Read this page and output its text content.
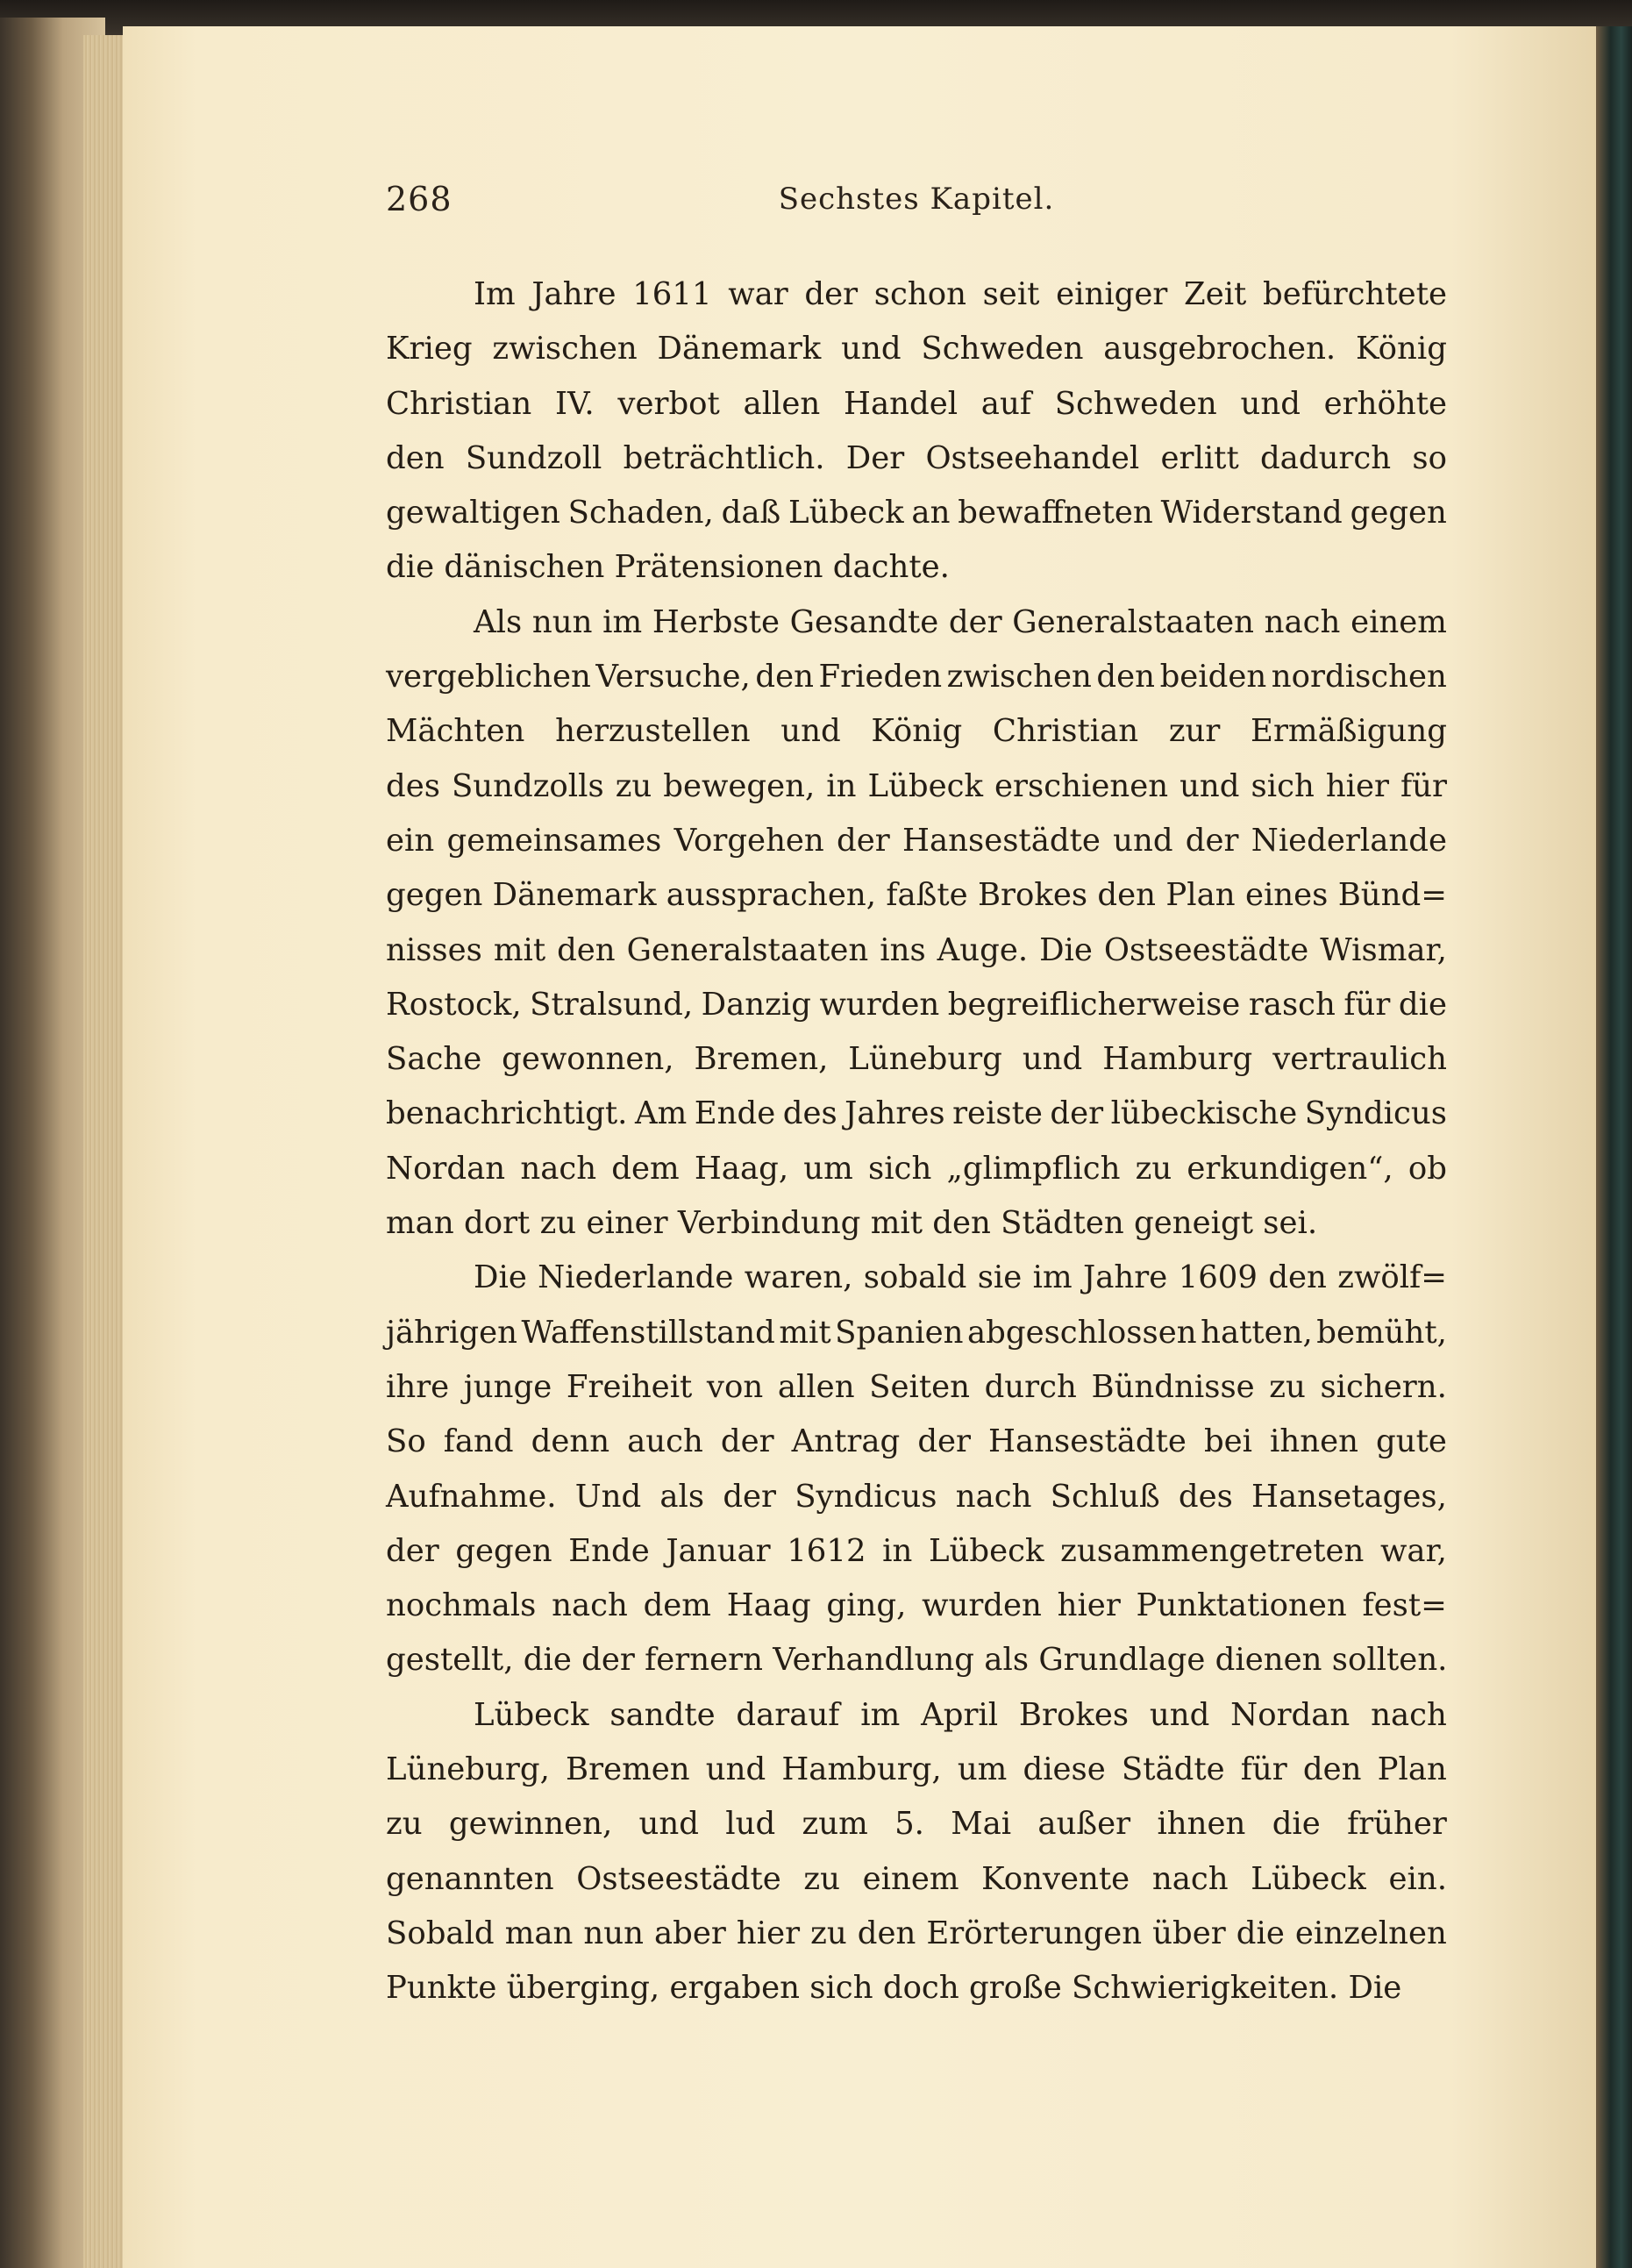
268	Sechstes Kapitel.

Im Jahre 1611 war der schon seit einiger Zeit befürchtete
Krieg zwischen Dänemark und Schweden ausgebrochen. König
Christian IV. verbot allen Handel auf Schweden und erhöhte
den Sundzoll beträchtlich. Der Ostseehandel erlitt dadurch so
gewaltigen Schaden, daß Lübeck an bewaffneten Widerstand gegen
die dänischen Prätensionen dachte.

Als nun im Herbste Gesandte der Generalstaaten nach einem
vergeblichen Versuche, den Frieden zwischen den beiden nordischen
Mächten herzustellen und König Christian zur Ermäßigung
des Sundzolls zu bewegen, in Lübeck erschienen und sich hier für
ein gemeinsames Vorgehen der Hansestädte und der Niederlande
gegen Dänemark aussprachen, faßte Brokes den Plan eines Bünd=
nisses mit den Generalstaaten ins Auge. Die Ostseestädte Wismar,
Rostock, Stralsund, Danzig wurden begreiflicherweise rasch für die
Sache gewonnen, Bremen, Lüneburg und Hamburg vertraulich
benachrichtigt. Am Ende des Jahres reiste der lübeckische Syndicus
Nordan nach dem Haag, um sich „glimpflich zu erkundigen“, ob
man dort zu einer Verbindung mit den Städten geneigt sei.

Die Niederlande waren, sobald sie im Jahre 1609 den zwölf=
jährigen Waffenstillstand mit Spanien abgeschlossen hatten, bemüht,
ihre junge Freiheit von allen Seiten durch Bündnisse zu sichern.
So fand denn auch der Antrag der Hansestädte bei ihnen gute
Aufnahme. Und als der Syndicus nach Schluß des Hansetages,
der gegen Ende Januar 1612 in Lübeck zusammengetreten war,
nochmals nach dem Haag ging, wurden hier Punktationen fest=
gestellt, die der fernern Verhandlung als Grundlage dienen sollten.

Lübeck sandte darauf im April Brokes und Nordan nach
Lüneburg, Bremen und Hamburg, um diese Städte für den Plan
zu gewinnen, und lud zum 5. Mai außer ihnen die früher
genannten Ostseestädte zu einem Konvente nach Lübeck ein.
Sobald man nun aber hier zu den Erörterungen über die einzelnen
Punkte überging, ergaben sich doch große Schwierigkeiten. Die
